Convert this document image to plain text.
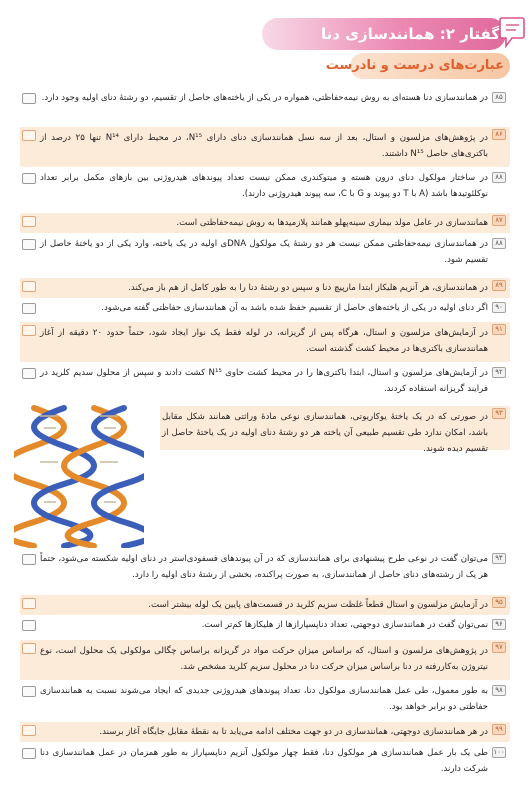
گفتار ۲: همانندسازی دنا
عبارت‌های درست و نادرست
۸۵
در همانندسازی دنا هسته‌ای به روش نیمه‌حفاظتی، همواره در یکی از یاخته‌های حاصل از تقسیم، دو رشتهٔ دنای اولیه وجود دارد.
۸۶
در پژوهش‌های مزلسون و استال، بعد از سه نسل همانندسازی دنای دارای N¹⁵، در محیط دارای N¹⁴ تنها ۲۵ درصد از باکتری‌های حاصل N¹⁵ داشتند.
۸۸
در ساختار مولکول دنای درون هسته و میتوکندری ممکن نیست تعداد پیوندهای هیدروژنی بین بازهای مکمل برابر تعداد نوکلئوتیدها باشد (A با T دو پیوند و G با C، سه پیوند هیدروژنی دارند).
۸۷
همانندسازی در عامل مولد بیماری سینه‌پهلو همانند پلازمید‌ها به روش نیمه‌حفاظتی است.
۸۸
در همانندسازی نیمه‌حفاظتی ممکن نیست هر دو رشتهٔ یک مولکول DNAی اولیه در یک یاخته، وارد یکی از دو یاختهٔ حاصل از تقسیم شود.
۸۹
در همانندسازی، هر آنزیم هلیکاز ابتدا مارپیچ دنا و سپس دو رشتهٔ دنا را به طور کامل از هم باز می‌کند.
۹۰
اگر دنای اولیه در یکی از یاخته‌های حاصل از تقسیم حفظ شده باشد به آن همانندسازی حفاظتی گفته می‌شود.
۹۱
در آزمایش‌های مزلسون و استال، هرگاه پس از گریزانه، در لوله فقط یک نوار ایجاد شود، حتماً حدود ۲۰ دقیقه از آغاز همانندسازی باکتری‌ها در محیط کشت گذشته است.
۹۲
در آزمایش‌های مزلسون و استال، ابتدا باکتری‌ها را در محیط کشت حاوی N¹⁵ کشت دادند و سپس از محلول سدیم کلرید در فرایند گریزانه استفاده کردند.
۹۳
در صورتی که در یک یاختهٔ یوکاریوتی، همانندسازی نوعی مادهٔ وراثتی همانند شکل مقابل باشد، امکان ندارد طی تقسیم طبیعی آن یاخته هر دو رشتهٔ دنای اولیه در یک یاختهٔ حاصل از تقسیم دیده شوند.
۹۴
می‌توان گفت در نوعی طرح پیشنهادی برای همانندسازی که در آن پیوندهای فسفودی‌استر در دنای اولیه شکسته می‌شود، حتماً هر یک از رشته‌های دنای حاصل از همانندسازی، به صورت پراکنده، بخشی از رشتهٔ دنای اولیه را دارد.
۹۵
در آزمایش مزلسون و استال قطعاً غلظت سزیم کلرید در قسمت‌های پایین یک لوله بیشتر است.
۹۶
نمی‌توان گفت در همانندسازی دوجهتی، تعداد دناپسپارازها از هلیکازها کم‌تر است.
۹۷
در پژوهش‌های مزلسون و استال، که براساس میزان حرکت مواد در گریزانه براساس چگالی مولکولی یک محلول است، نوع نیتروژن به‌کاررفته در دنا براساس میزان حرکت دنا در محلول سزیم کلرید مشخص شد.
۹۸
به طور معمول، طی عمل همانندسازی مولکول دنا، تعداد پیوندهای هیدروژنی جدیدی که ایجاد می‌شوند نسبت به همانندسازی حفاظتی دو برابر خواهد بود.
۹۹
در هر همانندسازی دوجهتی، همانندسازی در دو جهت مختلف ادامه می‌یابد تا به نقطهٔ مقابل جایگاه آغاز برسند.
۱۰۰
طی یک بار عمل همانندسازی هر مولکول دنا، فقط چهار مولکول آنزیم دناپسپاراز به طور همزمان در عمل همانندسازی دنا شرکت دارند.
